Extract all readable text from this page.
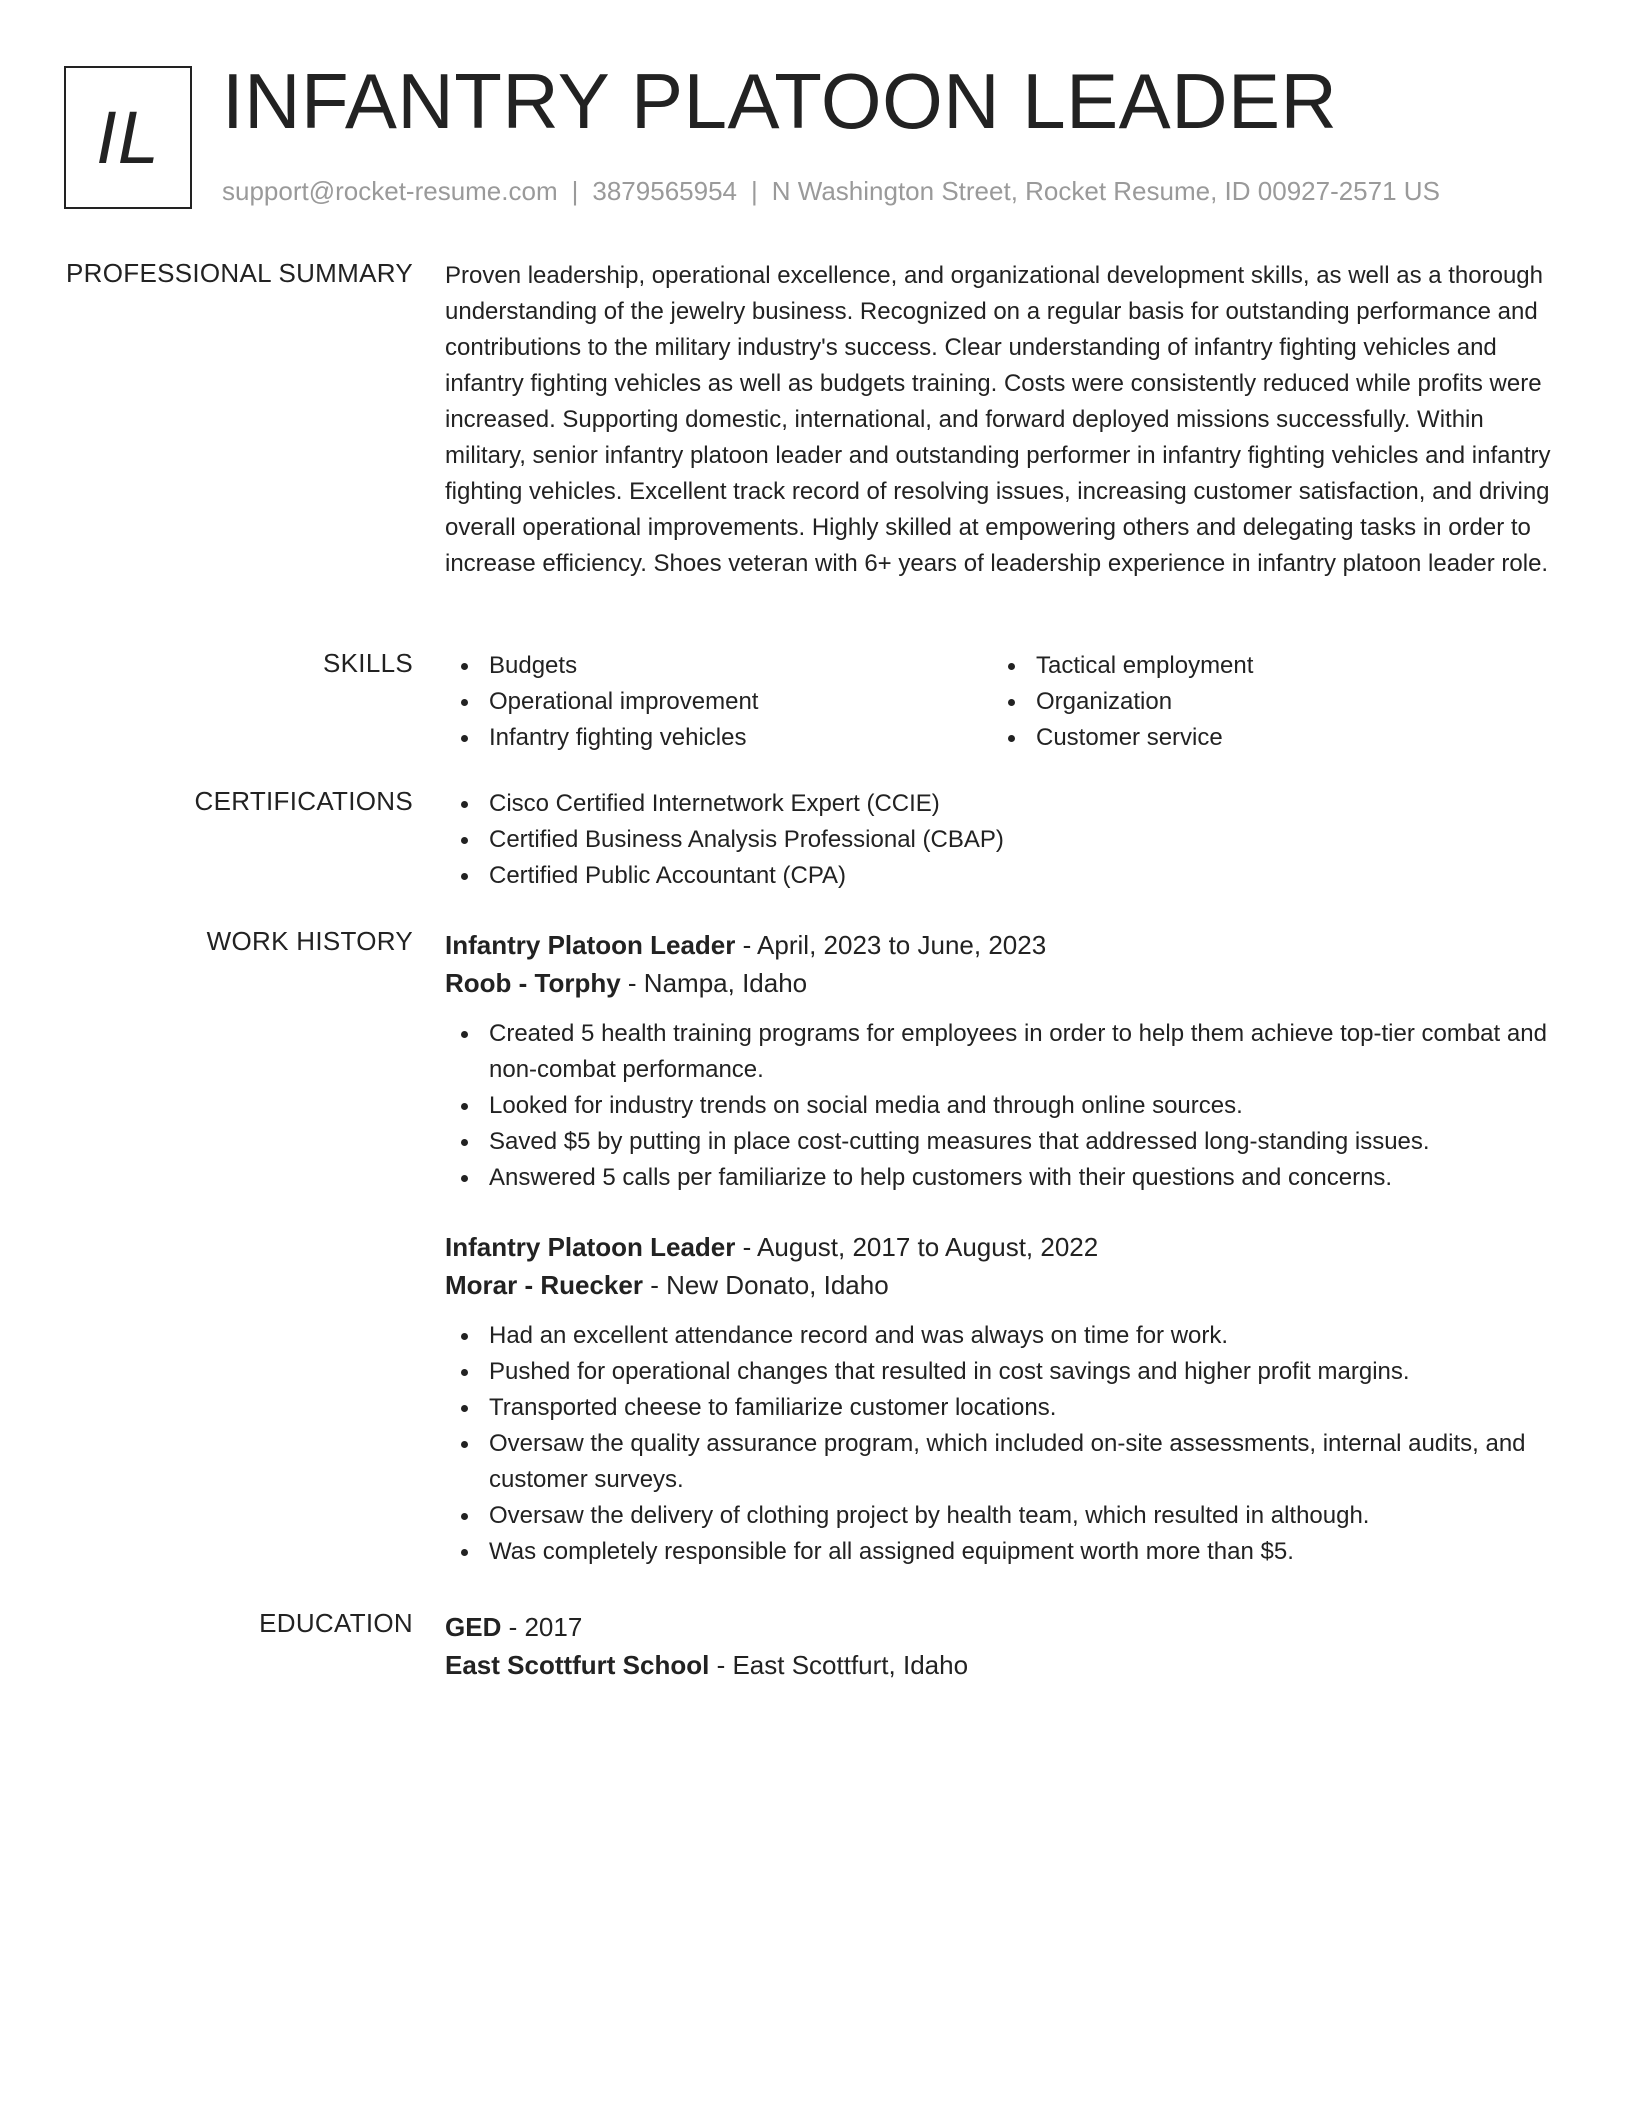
IL INFANTRY PLATOON LEADER
support@rocket-resume.com | 3879565954 | N Washington Street, Rocket Resume, ID 00927-2571 US
PROFESSIONAL SUMMARY Proven leadership, operational excellence, and organizational development skills, as well as a thorough understanding of the jewelry business. Recognized on a regular basis for outstanding performance and contributions to the military industry's success. Clear understanding of infantry fighting vehicles and infantry fighting vehicles as well as budgets training. Costs were consistently reduced while profits were increased. Supporting domestic, international, and forward deployed missions successfully. Within military, senior infantry platoon leader and outstanding performer in infantry fighting vehicles and infantry fighting vehicles. Excellent track record of resolving issues, increasing customer satisfaction, and driving overall operational improvements. Highly skilled at empowering others and delegating tasks in order to increase efficiency. Shoes veteran with 6+ years of leadership experience in infantry platoon leader role.
SKILLS	Budgets
Operational improvement
Infantry fighting vehicles
Tactical employment
Organization
Customer service
CERTIFICATIONS	Cisco Certified Internetwork Expert (CCIE)
Certified Business Analysis Professional (CBAP)
Certified Public Accountant (CPA)
WORK HISTORY Infantry Platoon Leader - April, 2023 to June, 2023
Roob - Torphy - Nampa, Idaho
Created 5 health training programs for employees in order to help them achieve top-tier combat and non-combat performance.
Looked for industry trends on social media and through online sources.
Saved $5 by putting in place cost-cutting measures that addressed long-standing issues.
Answered 5 calls per familiarize to help customers with their questions and concerns.
Infantry Platoon Leader - August, 2017 to August, 2022
Morar - Ruecker - New Donato, Idaho
Had an excellent attendance record and was always on time for work.
Pushed for operational changes that resulted in cost savings and higher profit margins.
Transported cheese to familiarize customer locations.
Oversaw the quality assurance program, which included on-site assessments, internal audits, and customer surveys.
Oversaw the delivery of clothing project by health team, which resulted in although.
Was completely responsible for all assigned equipment worth more than $5.
EDUCATION GED - 2017
East Scottfurt School - East Scottfurt, Idaho
